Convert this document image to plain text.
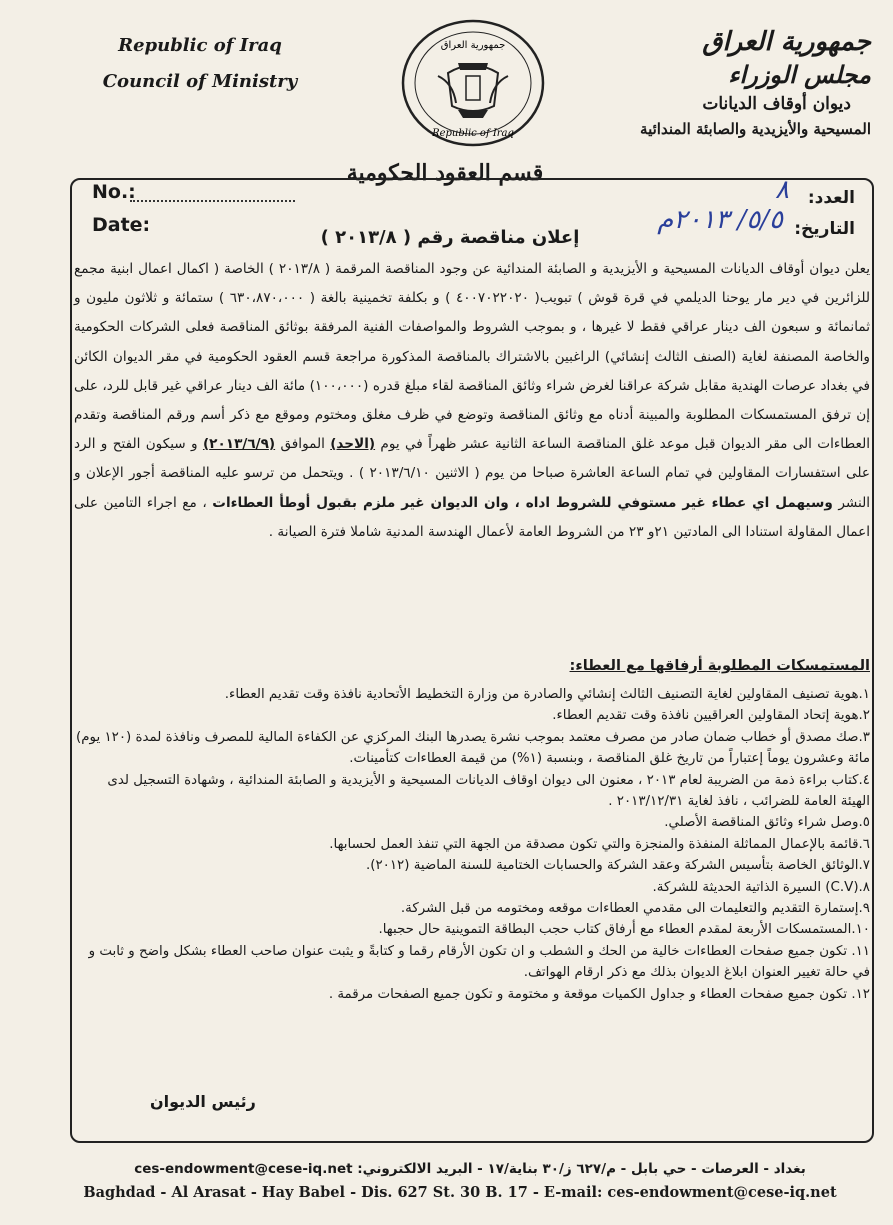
Republic of Iraq
Council of Ministry
جمهورية العراق
Republic of Iraq
جمهورية العراق
مجلس الوزراء
ديوان أوقاف الديانات
المسيحية والأيزيدية والصابئة المندائية
قسم العقود الحكومية
No.:
Date:
العدد:
٨
التاريخ:
٥/٥/ ٢٠١٣م
إعلان مناقصة رقم ( ٢٠١٣/٨ )

يعلن ديوان أوقاف الديانات المسيحية و الأيزيدية و الصابئة المندائية عن وجود المناقصة المرقمة ( ٢٠١٣/٨ ) الخاصة ( اكمال اعمال ابنية مجمع للزائرين في دير مار يوحنا الديلمي في قرة قوش ) تبويب( ٤٠٠٧٠٢٢٠٢٠ ) و بكلفة تخمينية بالغة ( ٦٣٠،٨٧٠،٠٠٠ ) ستمائة و ثلاثون مليون و ثمانمائة و سبعون الف دينار عراقي فقط لا غيرها ، و بموجب الشروط والمواصفات الفنية المرفقة بوثائق المناقصة فعلى الشركات الحكومية والخاصة المصنفة لغاية (الصنف الثالث إنشائي) الراغبين بالاشتراك بالمناقصة المذكورة مراجعة قسم العقود الحكومية في مقر الديوان الكائن في بغداد عرصات الهندية مقابل شركة عراقنا لغرض شراء وثائق المناقصة لقاء مبلغ قدره (١٠٠،٠٠٠) مائة الف دينار عراقي غير قابل للرد، على إن ترفق المستمسكات المطلوبة والمبينة أدناه مع وثائق المناقصة وتوضع في ظرف مغلق ومختوم وموقع مع ذكر أسم ورقم المناقصة وتقدم العطاءات الى مقر الديوان قبل موعد غلق المناقصة الساعة الثانية عشر ظهراً في يوم (الاحد) الموافق (٢٠١٣/٦/٩) و سيكون الفتح و الرد على استفسارات المقاولين في تمام الساعة العاشرة صباحا من يوم ( الاثنين ٢٠١٣/٦/١٠ ) . ويتحمل من ترسو عليه المناقصة أجور الإعلان و النشر وسيهمل اي عطاء غير مستوفي للشروط اداه ، وان الديوان غير ملزم بقبول أوطأ العطاءات ، مع اجراء التامين على اعمال المقاولة استنادا الى المادتين ٢١و ٢٣ من الشروط العامة لأعمال الهندسة المدنية شاملا فترة الصيانة .

المستمسكات المطلوبة أرفاقها مع العطاء:
١.هوية تصنيف المقاولين لغاية التصنيف الثالث إنشائي والصادرة من وزارة التخطيط الأتحادية نافذة وقت تقديم العطاء.
٢.هوية إتحاد المقاولين العراقيين نافذة وقت تقديم العطاء.
٣.صك مصدق أو خطاب ضمان صادر من مصرف معتمد بموجب نشرة يصدرها البنك المركزي عن الكفاءة المالية للمصرف ونافذة لمدة (١٢٠ يوم) مائة وعشرون يوماً إعتباراً من تاريخ غلق المناقصة ، وبنسبة (١%) من قيمة العطاءات كتأمينات.
٤.كتاب براءة ذمة من الضريبة لعام ٢٠١٣ ، معنون الى ديوان اوقاف الديانات المسيحية و الأيزيدية و الصابئة المندائية ، وشهادة التسجيل لدى الهيئة العامة للضرائب ، نافذ لغاية ٢٠١٣/١٢/٣١ .
٥.وصل شراء وثائق المناقصة الأصلي.
٦.قائمة بالإعمال المماثلة المنفذة والمنجزة والتي تكون مصدقة من الجهة التي تنفذ العمل لحسابها.
٧.الوثائق الخاصة بتأسيس الشركة وعقد الشركة والحسابات الختامية للسنة الماضية (٢٠١٢).
٨.(C.V) السيرة الذاتية الحديثة للشركة.
٩.إستمارة التقديم والتعليمات الى مقدمي العطاءات موقعه ومختومه من قبل الشركة.
١٠.المستمسكات الأربعة لمقدم العطاء مع أرفاق كتاب حجب البطاقة التموينية حال حجبها.
١١. تكون جميع صفحات العطاءات خالية من الحك و الشطب و ان تكون الأرقام رقما و كتابةً و يثبت عنوان صاحب العطاء بشكل واضح و ثابت و في حالة تغيير العنوان ابلاغ الديوان بذلك مع ذكر ارقام الهواتف.
١٢. تكون جميع صفحات العطاء و جداول الكميات موقعة و مختومة و تكون جميع الصفحات مرقمة .
رئيس الديوان
بغداد - العرصات - حي بابل - م/٦٢٧ ز/٣٠ بناية/١٧ - البريد الالكتروني: ces-endowment@cese-iq.net
Baghdad - Al Arasat - Hay Babel - Dis. 627 St. 30 B. 17 - E-mail: ces-endowment@cese-iq.net
